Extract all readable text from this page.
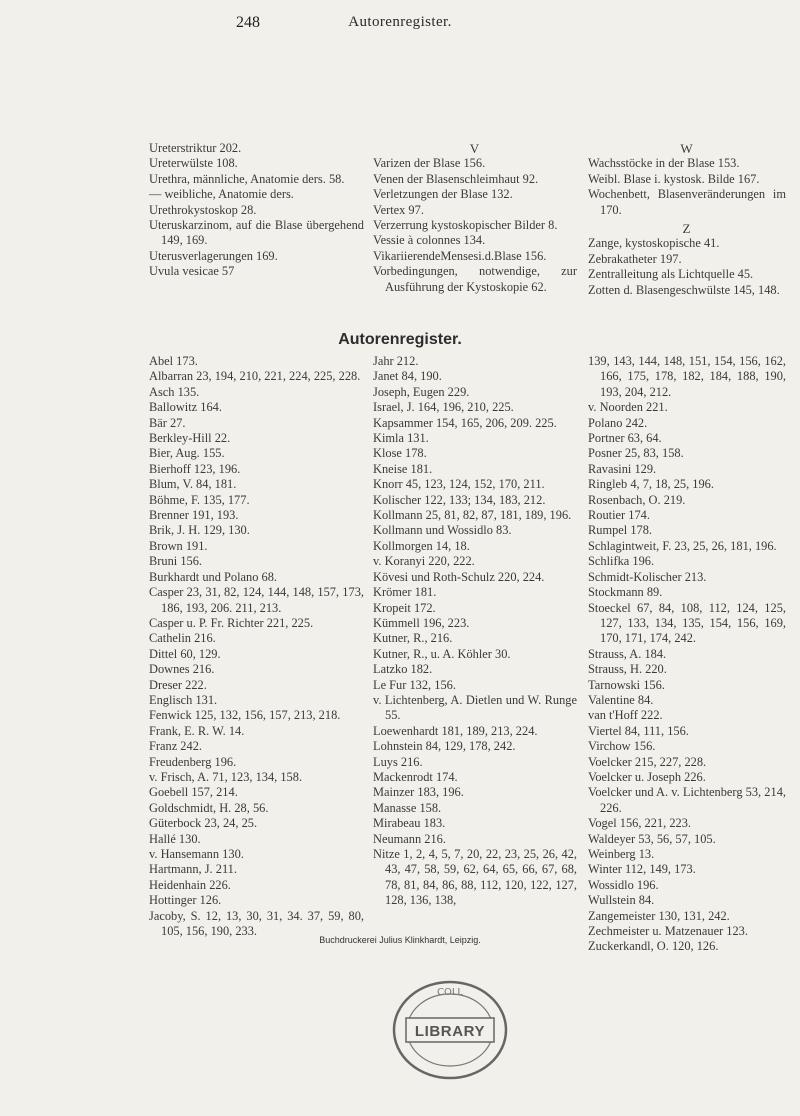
248	Autorenregister.

Ureterstriktur 202.

Ureterwülste 108.

Urethra, männliche, Anatomie ders. 58.

— weibliche, Anatomie ders.

Urethrokystoskop 28.

Uteruskarzinom, auf die Blase übergehend 149, 169.

Uterusverlagerungen 169.

Uvula vesicae 57

V

Varizen der Blase 156.

Venen der Blasenschleimhaut 92.

Verletzungen der Blase 132.

Vertex 97.

Verzerrung kystoskopischer Bilder 8.

Vessie à colonnes 134.

VikariierendeMensesi.d.Blase 156.

Vorbedingungen, notwendige, zur Ausführung der Kystoskopie 62.

W

Wachsstöcke in der Blase 153.

Weibl. Blase i. kystosk. Bilde 167.

Wochenbett, Blasenveränderungen im 170.

Z

Zange, kystoskopische 41.

Zebrakatheter 197.

Zentralleitung als Lichtquelle 45.

Zotten d. Blasengeschwülste 145, 148.

Autorenregister.

Abel 173.

Albarran 23, 194, 210, 221, 224, 225, 228.

Asch 135.

Ballowitz 164.

Bär 27.

Berkley-Hill 22.

Bier, Aug. 155.

Bierhoff 123, 196.

Blum, V. 84, 181.

Böhme, F. 135, 177.

Brenner 191, 193.

Brik, J. H. 129, 130.

Brown 191.

Bruni 156.

Burkhardt und Polano 68.

Casper 23, 31, 82, 124, 144, 148, 157, 173, 186, 193, 206. 211, 213.

Casper u. P. Fr. Richter 221, 225.

Cathelin 216.

Dittel 60, 129.

Downes 216.

Dreser 222.

Englisch 131.

Fenwick 125, 132, 156, 157, 213, 218.

Frank, E. R. W. 14.

Franz 242.

Freudenberg 196.

v. Frisch, A. 71, 123, 134, 158.

Goebell 157, 214.

Goldschmidt, H. 28, 56.

Güterbock 23, 24, 25.

Hallé 130.

v. Hansemann 130.

Hartmann, J. 211.

Heidenhain 226.

Hottinger 126.

Jacoby, S. 12, 13, 30, 31, 34. 37, 59, 80, 105, 156, 190, 233.

Jahr 212.

Janet 84, 190.

Joseph, Eugen 229.

Israel, J. 164, 196, 210, 225.

Kapsammer 154, 165, 206, 209. 225.

Kimla 131.

Klose 178.

Kneise 181.

Knorr 45, 123, 124, 152, 170, 211.

Kolischer 122, 133; 134, 183, 212.

Kollmann 25, 81, 82, 87, 181, 189, 196.

Kollmann und Wossidlo 83.

Kollmorgen 14, 18.

v. Koranyi 220, 222.

Kövesi und Roth-Schulz 220, 224.

Krömer 181.

Kropeit 172.

Kümmell 196, 223.

Kutner, R., 216.

Kutner, R., u. A. Köhler 30.

Latzko 182.

Le Fur 132, 156.

v. Lichtenberg, A. Dietlen und W. Runge 55.

Loewenhardt 181, 189, 213, 224.

Lohnstein 84, 129, 178, 242.

Luys 216.

Mackenrodt 174.

Mainzer 183, 196.

Manasse 158.

Mirabeau 183.

Neumann 216.

Nitze 1, 2, 4, 5, 7, 20, 22, 23, 25, 26, 42, 43, 47, 58, 59, 62, 64, 65, 66, 67, 68, 78, 81, 84, 86, 88, 112, 120, 122, 127, 128, 136, 138,

139, 143, 144, 148, 151, 154, 156, 162, 166, 175, 178, 182, 184, 188, 190, 193, 204, 212.

v. Noorden 221.

Polano 242.

Portner 63, 64.

Posner 25, 83, 158.

Ravasini 129.

Ringleb 4, 7, 18, 25, 196.

Rosenbach, O. 219.

Routier 174.

Rumpel 178.

Schlagintweit, F. 23, 25, 26, 181, 196.

Schlifka 196.

Schmidt-Kolischer 213.

Stockmann 89.

Stoeckel 67, 84, 108, 112, 124, 125, 127, 133, 134, 135, 154, 156, 169, 170, 171, 174, 242.

Strauss, A. 184.

Strauss, H. 220.

Tarnowski 156.

Valentine 84.

van t'Hoff 222.

Viertel 84, 111, 156.

Virchow 156.

Voelcker 215, 227, 228.

Voelcker u. Joseph 226.

Voelcker und A. v. Lichtenberg 53, 214, 226.

Vogel 156, 221, 223.

Waldeyer 53, 56, 57, 105.

Weinberg 13.

Winter 112, 149, 173.

Wossidlo 196.

Wullstein 84.

Zangemeister 130, 131, 242.

Zechmeister u. Matzenauer 123.

Zuckerkandl, O. 120, 126.

Buchdruckerei Julius Klinkhardt, Leipzig.
LIBRARY
COLL
